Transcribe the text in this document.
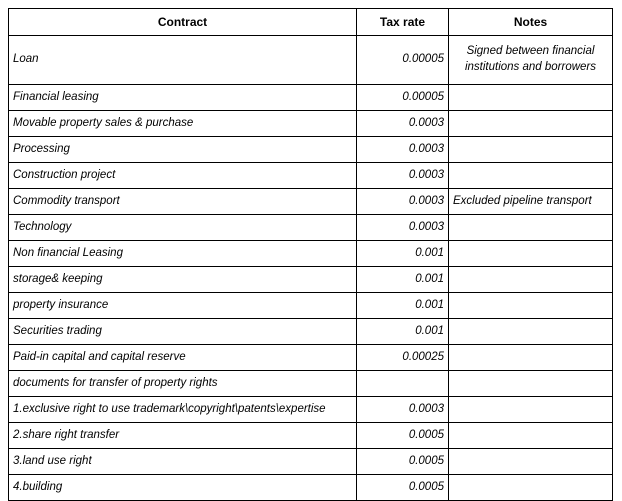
Contract	Tax rate	Notes
Loan	0.00005	Signed between financial institutions and borrowers
Financial leasing	0.00005	
Movable property sales & purchase	0.0003	
Processing	0.0003	
Construction project	0.0003	
Commodity transport	0.0003	Excluded pipeline transport
Technology	0.0003	
Non financial Leasing	0.001	
storage& keeping	0.001	
property insurance	0.001	
Securities trading	0.001	
Paid-in capital and capital reserve	0.00025	
documents for transfer of property rights		
1.exclusive right to use trademark\copyright\patents\expertise	0.0003	
2.share right transfer	0.0005	
3.land use right	0.0005	
4.building	0.0005	
